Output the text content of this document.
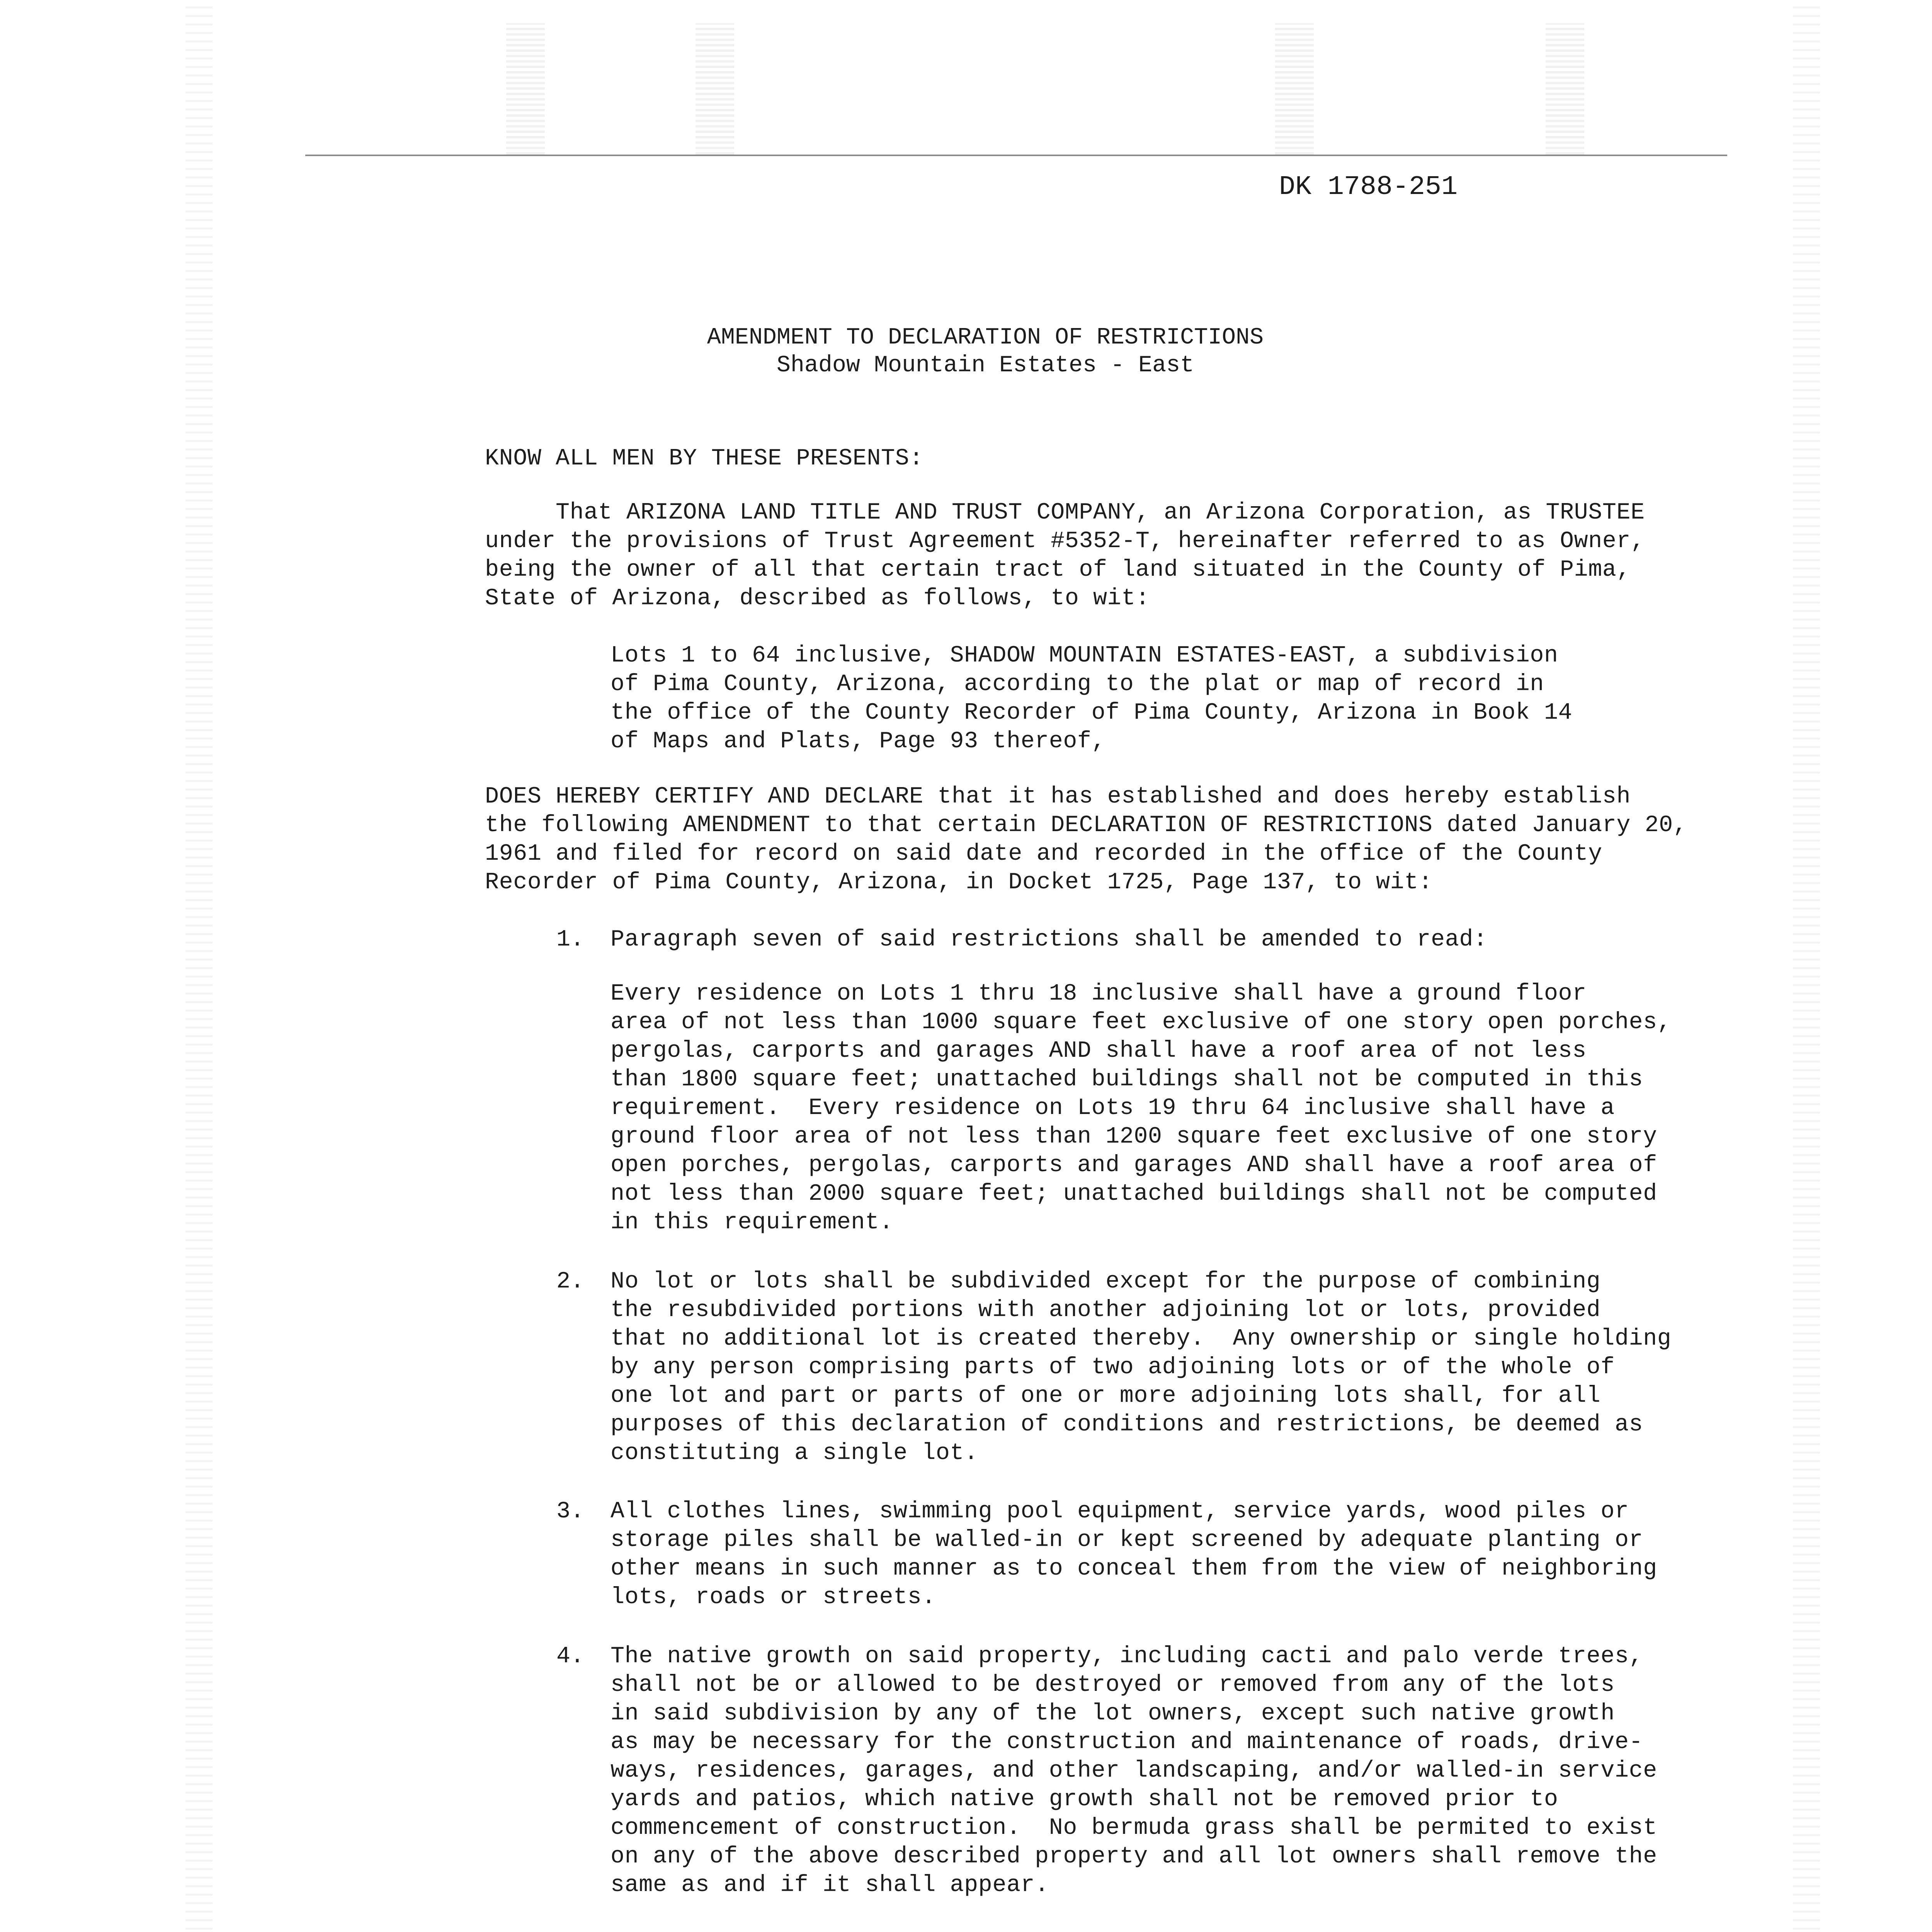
DK 1788-251
AMENDMENT TO DECLARATION OF RESTRICTIONS
Shadow Mountain Estates - East
KNOW ALL MEN BY THESE PRESENTS:
That ARIZONA LAND TITLE AND TRUST COMPANY, an Arizona Corporation, as TRUSTEE
under the provisions of Trust Agreement #5352-T, hereinafter referred to as Owner,
being the owner of all that certain tract of land situated in the County of Pima,
State of Arizona, described as follows, to wit:
Lots 1 to 64 inclusive, SHADOW MOUNTAIN ESTATES-EAST, a subdivision
of Pima County, Arizona, according to the plat or map of record in
the office of the County Recorder of Pima County, Arizona in Book 14
of Maps and Plats, Page 93 thereof,
DOES HEREBY CERTIFY AND DECLARE that it has established and does hereby establish
the following AMENDMENT to that certain DECLARATION OF RESTRICTIONS dated January 20,
1961 and filed for record on said date and recorded in the office of the County
Recorder of Pima County, Arizona, in Docket 1725, Page 137, to wit:
1. Paragraph seven of said restrictions shall be amended to read:
Every residence on Lots 1 thru 18 inclusive shall have a ground floor
area of not less than 1000 square feet exclusive of one story open porches,
pergolas, carports and garages AND shall have a roof area of not less
than 1800 square feet; unattached buildings shall not be computed in this
requirement.  Every residence on Lots 19 thru 64 inclusive shall have a
ground floor area of not less than 1200 square feet exclusive of one story
open porches, pergolas, carports and garages AND shall have a roof area of
not less than 2000 square feet; unattached buildings shall not be computed
in this requirement.
2. No lot or lots shall be subdivided except for the purpose of combining
the resubdivided portions with another adjoining lot or lots, provided
that no additional lot is created thereby.  Any ownership or single holding
by any person comprising parts of two adjoining lots or of the whole of
one lot and part or parts of one or more adjoining lots shall, for all
purposes of this declaration of conditions and restrictions, be deemed as
constituting a single lot.
3. All clothes lines, swimming pool equipment, service yards, wood piles or
storage piles shall be walled-in or kept screened by adequate planting or
other means in such manner as to conceal them from the view of neighboring
lots, roads or streets.
4. The native growth on said property, including cacti and palo verde trees,
shall not be or allowed to be destroyed or removed from any of the lots
in said subdivision by any of the lot owners, except such native growth
as may be necessary for the construction and maintenance of roads, drive-
ways, residences, garages, and other landscaping, and/or walled-in service
yards and patios, which native growth shall not be removed prior to
commencement of construction.  No bermuda grass shall be permited to exist
on any of the above described property and all lot owners shall remove the
same as and if it shall appear.
